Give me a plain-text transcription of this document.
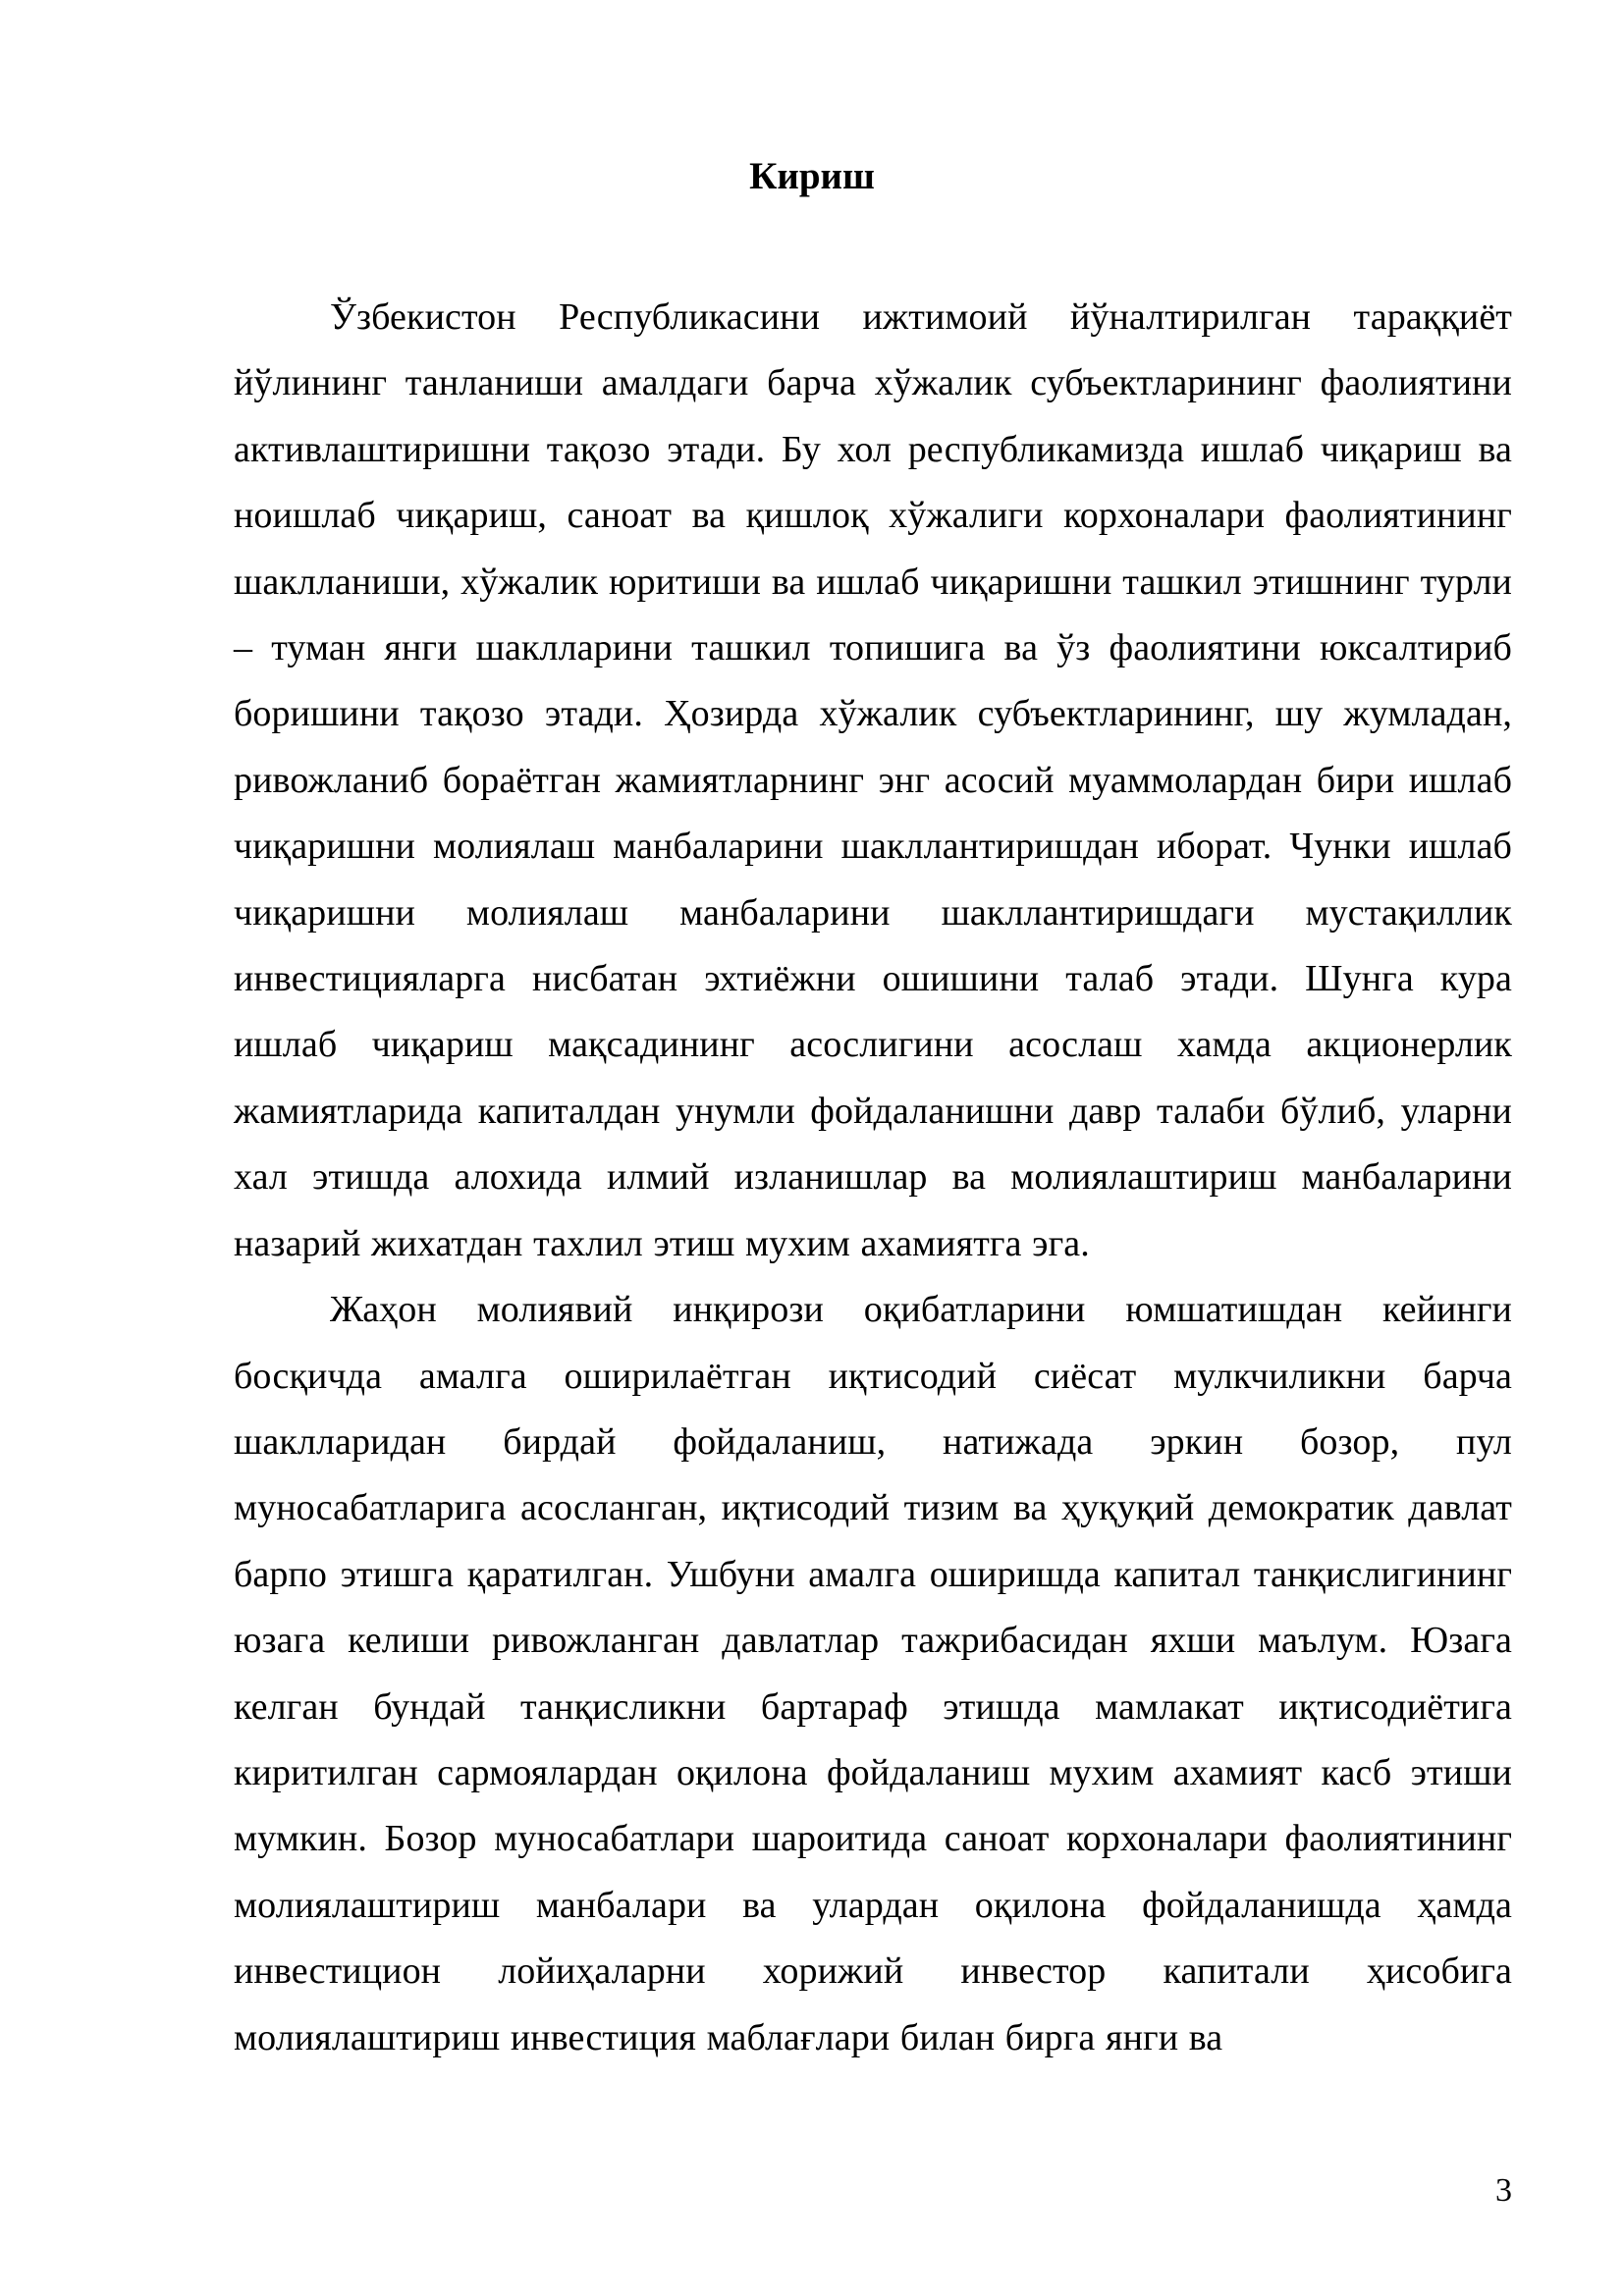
Кириш

Ўзбекистон Республикасини ижтимоий йўналтирилган тараққиёт йўлининг танланиши амалдаги барча хўжалик субъектларининг фаолиятини активлаштиришни тақозо этади. Бу хол республикамизда ишлаб чиқариш ва ноишлаб чиқариш, саноат ва қишлоқ хўжалиги корхоналари фаолиятининг шаклланиши, хўжалик юритиши ва ишлаб чиқаришни ташкил этишнинг турли – туман янги шаклларини ташкил топишига ва ўз фаолиятини юксалтириб боришини тақозо этади. Ҳозирда хўжалик субъектларининг, шу жумладан, ривожланиб бораётган жамиятларнинг энг асосий муаммолардан бири ишлаб чиқаришни молиялаш манбаларини шакллантиришдан иборат. Чунки ишлаб чиқаришни молиялаш манбаларини шакллантиришдаги мустақиллик инвестицияларга нисбатан эхтиёжни ошишини талаб этади. Шунга кура ишлаб чиқариш мақсадининг асослигини асослаш хамда акционерлик жамиятларида капиталдан унумли фойдаланишни давр талаби бўлиб, уларни хал этишда алохида илмий изланишлар ва молиялаштириш манбаларини назарий жихатдан тахлил этиш мухим ахамиятга эга.

Жаҳон молиявий инқирози оқибатларини юмшатишдан кейинги босқичда амалга оширилаётган иқтисодий сиёсат мулкчиликни барча шаклларидан бирдай фойдаланиш, натижада эркин бозор, пул муносабатларига асосланган, иқтисодий тизим ва ҳуқуқий демократик давлат барпо этишга қаратилган. Ушбуни амалга оширишда капитал танқислигининг юзага келиши ривожланган давлатлар тажрибасидан яхши маълум. Юзага келган бундай танқисликни бартараф этишда мамлакат иқтисодиётига киритилган сармоялардан оқилона фойдаланиш мухим ахамият касб этиши мумкин. Бозор муносабатлари шароитида саноат корхоналари фаолиятининг молиялаштириш манбалари ва улардан оқилона фойдаланишда ҳамда инвестицион лойиҳаларни хорижий инвестор капитали ҳисобига молиялаштириш инвестиция маблағлари билан бирга янги ва

3
